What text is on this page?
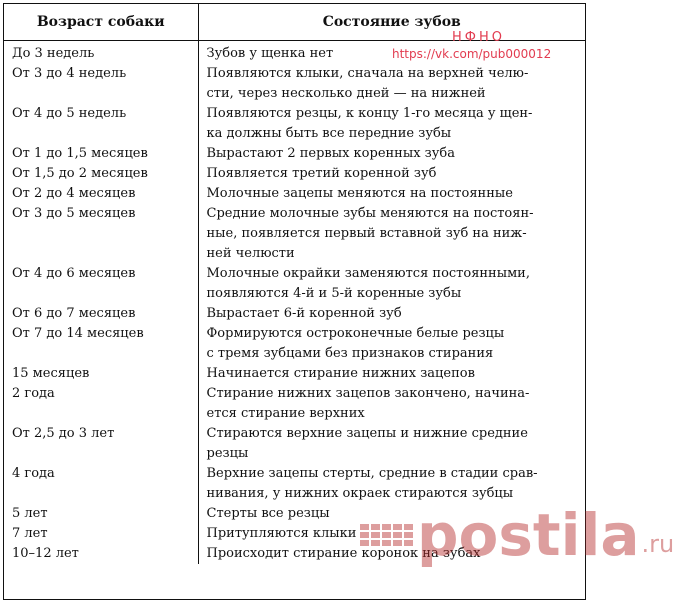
Возраст собаки	Состояние зубов
До 3 недель	Зубов у щенка нет
От 3 до 4 недель	Появляются клыки, сначала на верхней челю-
сти, через несколько дней — на нижней
От 4 до 5 недель	Появляются резцы, к концу 1-го месяца у щен-
ка должны быть все передние зубы
От 1 до 1,5 месяцев	Вырастают 2 первых коренных зуба
От 1,5 до 2 месяцев	Появляется третий коренной зуб
От 2 до 4 месяцев	Молочные зацепы меняются на постоянные
От 3 до 5 месяцев	Средние молочные зубы меняются на постоян-
ные, появляется первый вставной зуб на ниж-
ней челюсти
От 4 до 6 месяцев	Молочные окрайки заменяются постоянными,
появляются 4-й и 5-й коренные зубы
От 6 до 7 месяцев	Вырастает 6-й коренной зуб
От 7 до 14 месяцев	Формируются остроконечные белые резцы
с тремя зубцами без признаков стирания
15 месяцев	Начинается стирание нижних зацепов
2 года	Стирание нижних зацепов закончено, начина-
ется стирание верхних
От 2,5 до 3 лет	Стираются верхние зацепы и нижние средние
резцы
4 года	Верхние зацепы стерты, средние в стадии срав-
нивания, у нижних окраек стираются зубцы
5 лет	Стерты все резцы
7 лет	Притупляются клыки
10–12 лет	Происходит стирание коронок на зубах
НФНО
https://vk.com/pub000012
postila .ru
